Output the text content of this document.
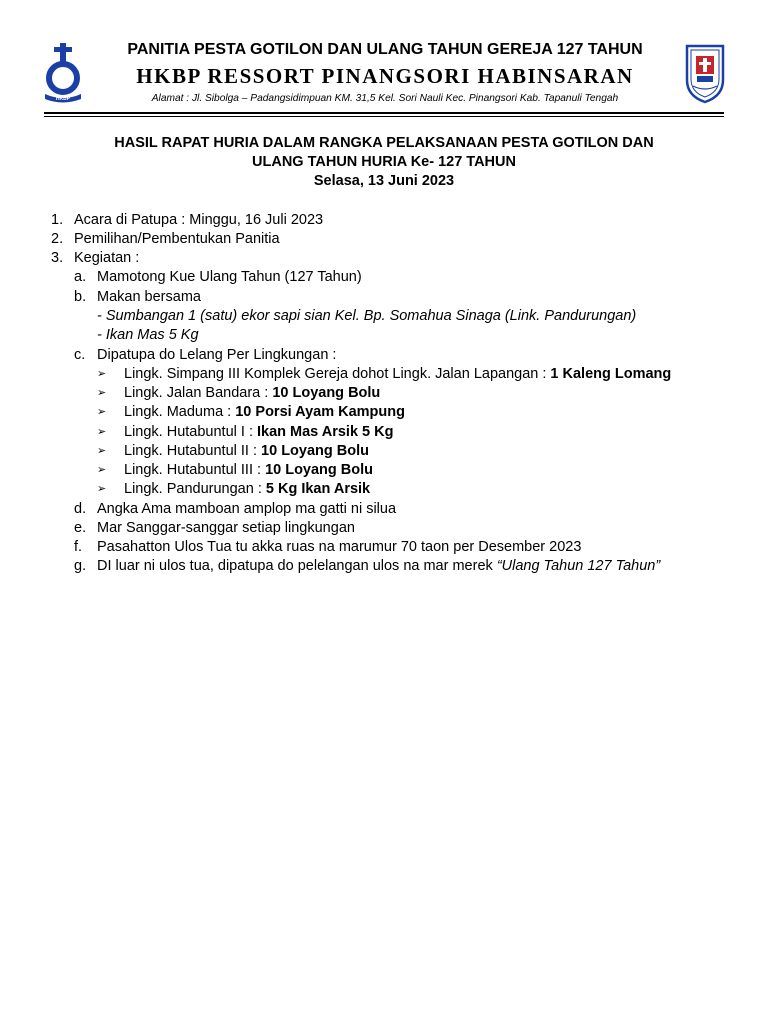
HKBP
PANITIA PESTA GOTILON DAN ULANG TAHUN GEREJA 127 TAHUN
HKBP RESSORT PINANGSORI HABINSARAN
Alamat : Jl. Sibolga – Padangsidimpuan KM. 31,5 Kel. Sori Nauli Kec. Pinangsori Kab. Tapanuli Tengah
HASIL RAPAT HURIA DALAM RANGKA PELAKSANAAN PESTA GOTILON DAN
ULANG TAHUN HURIA Ke- 127 TAHUN
Selasa, 13 Juni 2023
1. Acara di Patupa : Minggu, 16 Juli 2023
2. Pemilihan/Pembentukan Panitia
3. Kegiatan :
a. Mamotong Kue Ulang Tahun (127 Tahun)
b. Makan bersama
- Sumbangan 1 (satu) ekor sapi sian Kel. Bp. Somahua Sinaga (Link. Pandurungan)
- Ikan Mas 5 Kg
c. Dipatupa do Lelang Per Lingkungan :
➢ Lingk. Simpang III Komplek Gereja dohot Lingk. Jalan Lapangan : 1 Kaleng Lomang
➢ Lingk. Jalan Bandara : 10 Loyang Bolu
➢ Lingk. Maduma : 10 Porsi Ayam Kampung
➢ Lingk. Hutabuntul I : Ikan Mas Arsik 5 Kg
➢ Lingk. Hutabuntul II : 10 Loyang Bolu
➢ Lingk. Hutabuntul III : 10 Loyang Bolu
➢ Lingk. Pandurungan : 5 Kg Ikan Arsik
d. Angka Ama mamboan amplop ma gatti ni silua
e. Mar Sanggar-sanggar setiap lingkungan
f. Pasahatton Ulos Tua tu akka ruas na marumur 70 taon per Desember 2023
g. DI luar ni ulos tua, dipatupa do pelelangan ulos na mar merek “Ulang Tahun 127 Tahun”
